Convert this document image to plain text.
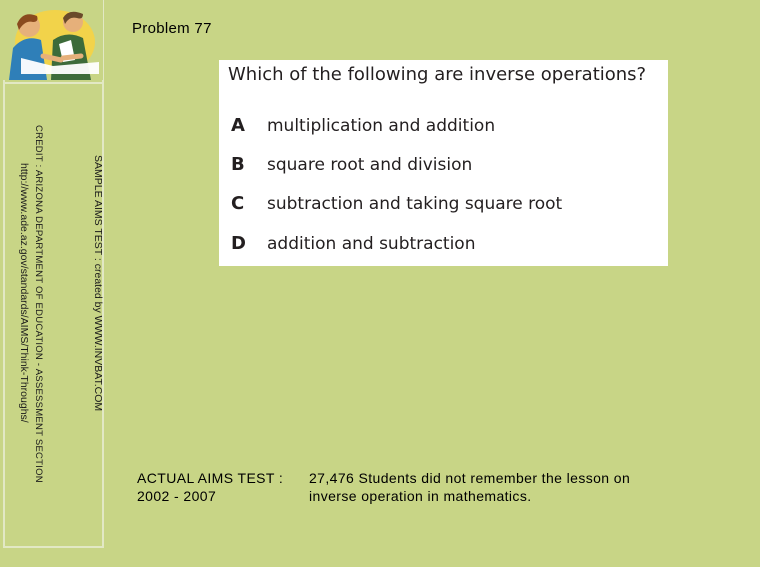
CREDIT : ARIZONA DEPARTMENT OF EDUCATION - ASSESSMENT SECTION
http://www.ade.az.gov/standards/AIMS/Think-Throughs/	SAMPLE AIMS TEST : created by WWW.INVBAT.COM
Problem 77
Which of the following are inverse operations?
A multiplication and addition
B square root and division
C subtraction and taking square root
D addition and subtraction
ACTUAL AIMS TEST :
2002 - 2007
27,476 Students did not remember the lesson on
inverse operation in mathematics.
